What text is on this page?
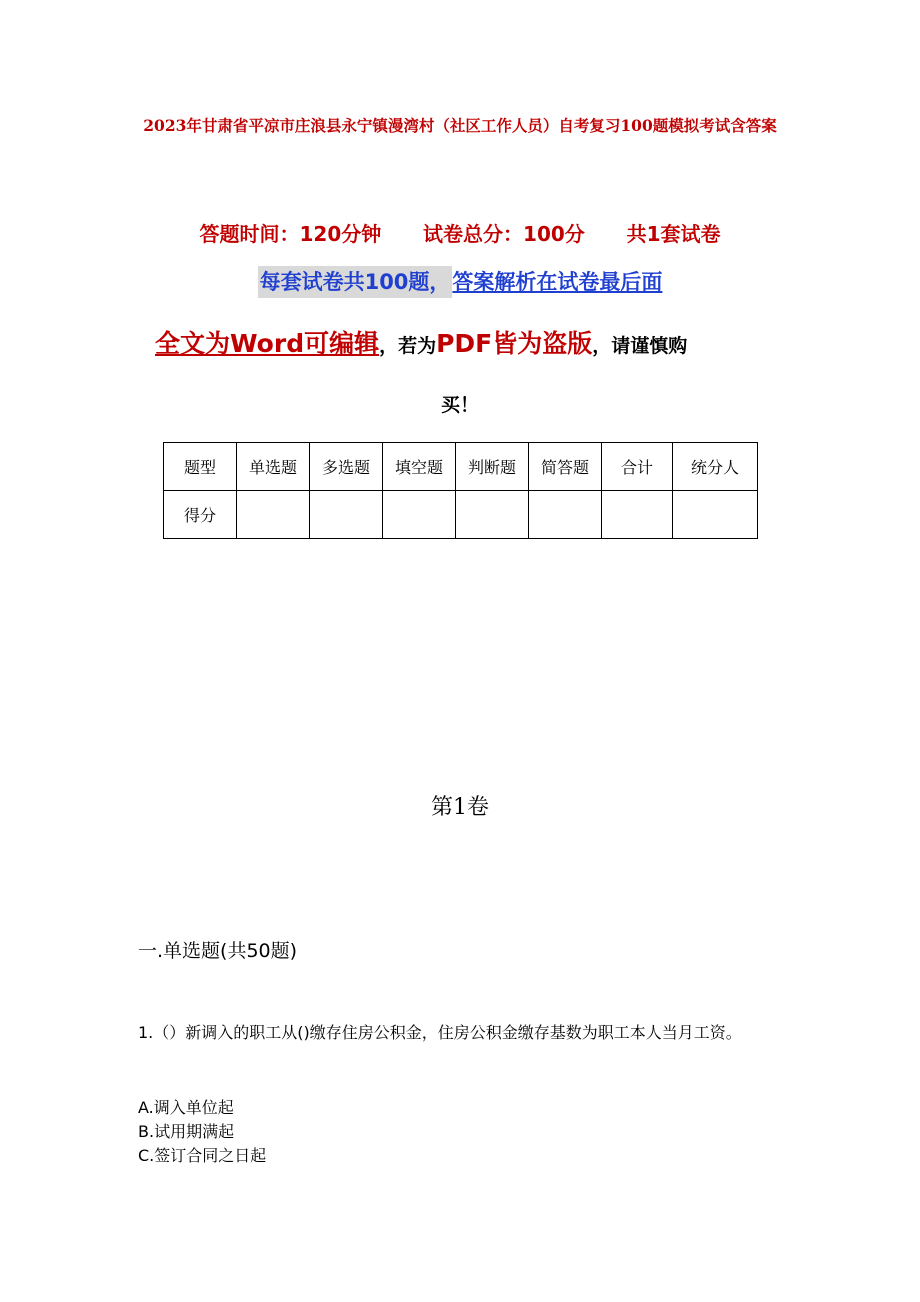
2023年甘肃省平凉市庄浪县永宁镇漫湾村（社区工作人员）自考复习100题模拟考试含答案
答题时间：120分钟      试卷总分：100分      共1套试卷
每套试卷共100题，答案解析在试卷最后面
全文为Word可编辑，若为PDF皆为盗版，请谨慎购
买！
题型	单选题	多选题	填空题	判断题	简答题	合计	统分人
得分							
第1卷
一.单选题(共50题)
1.（）新调入的职工从()缴存住房公积金，住房公积金缴存基数为职工本人当月工资。
A.调入单位起
B.试用期满起
C.签订合同之日起
